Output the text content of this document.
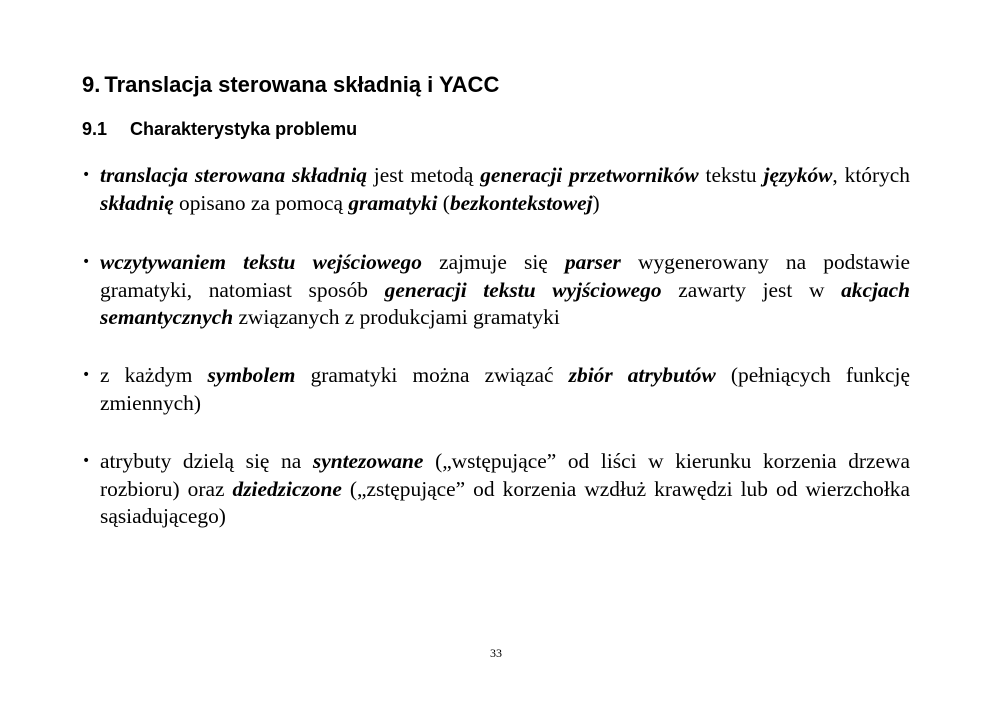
9. Translacja sterowana składnią i YACC
9.1 Charakterystyka problemu
• translacja sterowana składnią jest metodą generacji przetworników tekstu języków, których składnię opisano za pomocą gramatyki (bezkontekstowej)
• wczytywaniem tekstu wejściowego zajmuje się parser wygenerowany na podstawie gramatyki, natomiast sposób generacji tekstu wyjściowego zawarty jest w akcjach semantycznych związanych z produkcjami gramatyki
• z każdym symbolem gramatyki można związać zbiór atrybutów (pełniących funkcję zmiennych)
• atrybuty dzielą się na syntezowane („wstępujące” od liści w kierunku korzenia drzewa rozbioru) oraz dziedziczone („zstępujące” od korzenia wzdłuż krawędzi lub od wierzchołka sąsiadującego)
33
